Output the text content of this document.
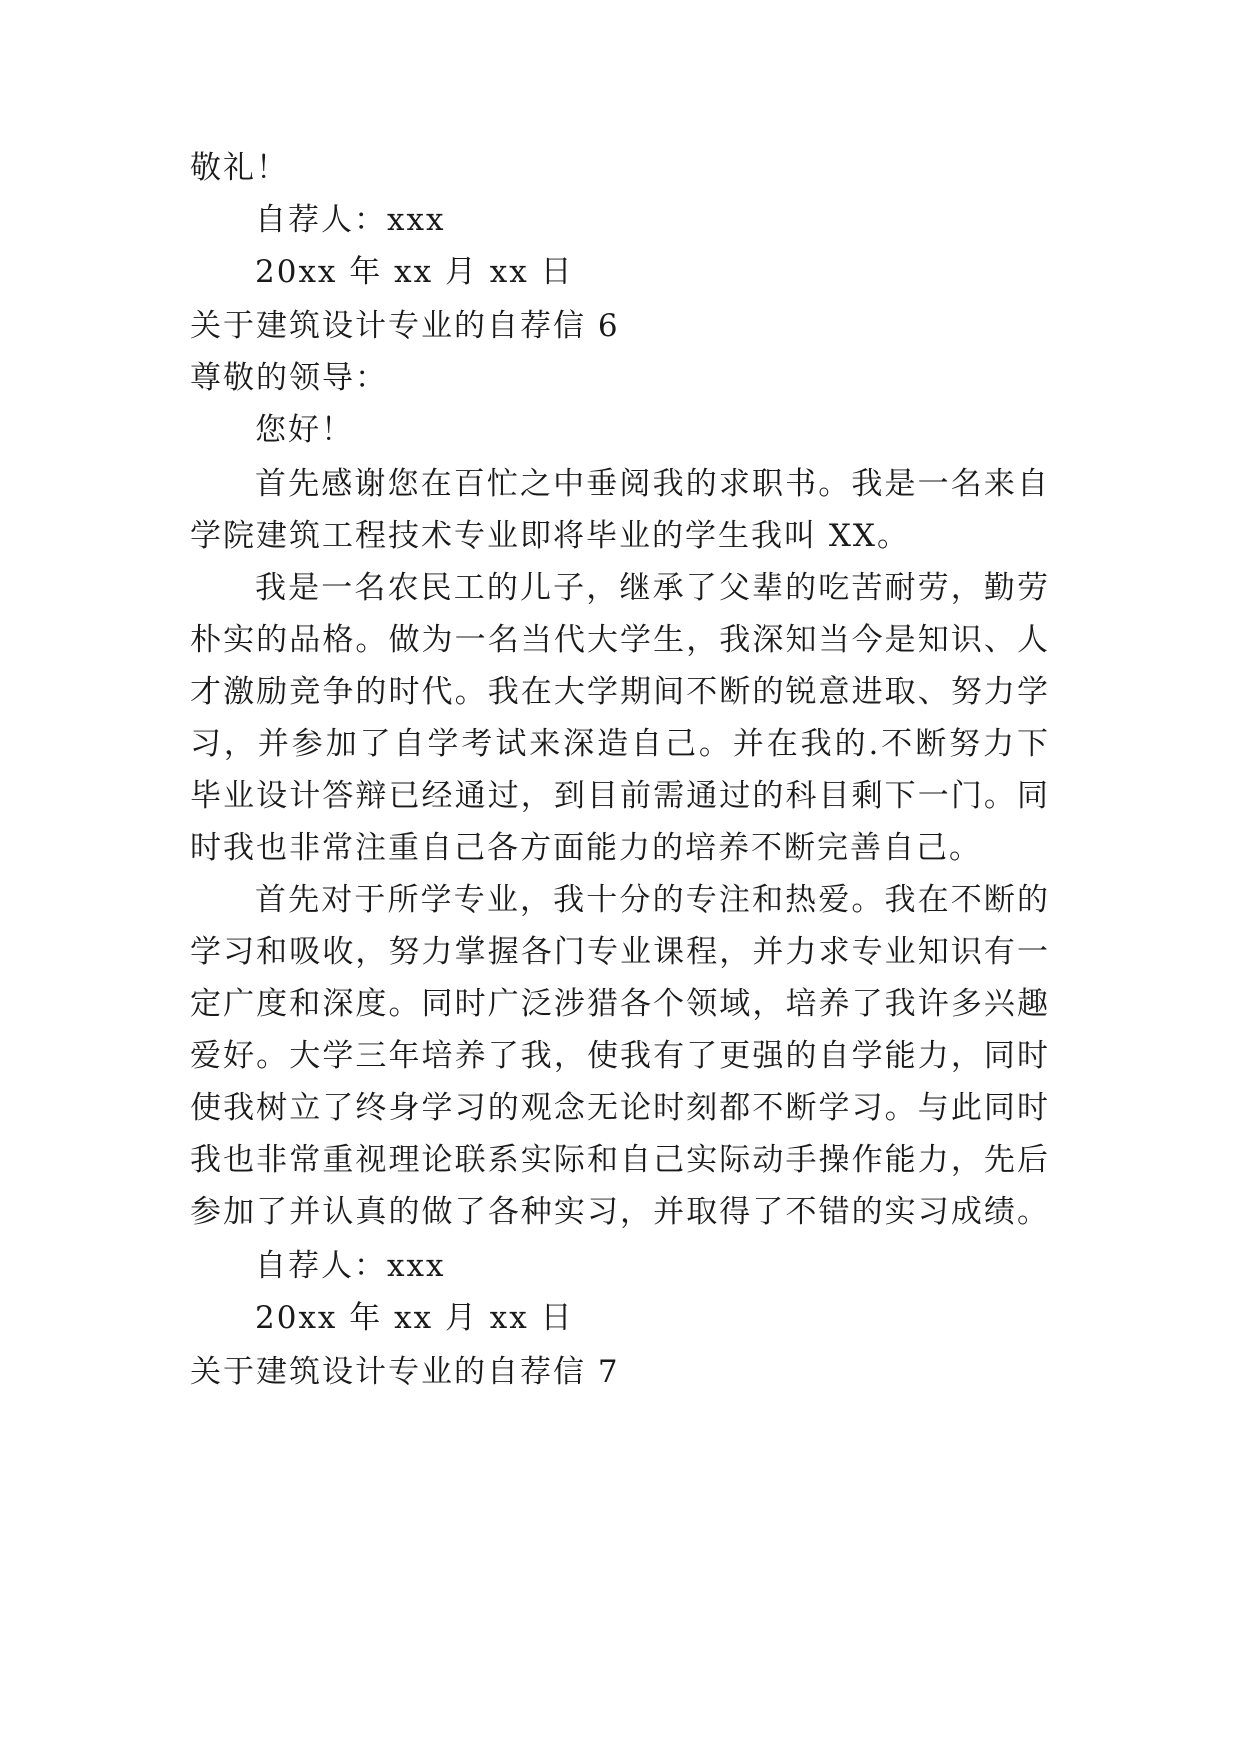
敬礼！
自荐人：xxx
20xx 年 xx 月 xx 日
关于建筑设计专业的自荐信 6
尊敬的领导：
您好！
首先感谢您在百忙之中垂阅我的求职书。我是一名来自
学院建筑工程技术专业即将毕业的学生我叫 XX。
我是一名农民工的儿子，继承了父辈的吃苦耐劳，勤劳
朴实的品格。做为一名当代大学生，我深知当今是知识、人
才激励竞争的时代。我在大学期间不断的锐意进取、努力学
习，并参加了自学考试来深造自己。并在我的.不断努力下
毕业设计答辩已经通过，到目前需通过的科目剩下一门。同
时我也非常注重自己各方面能力的培养不断完善自己。
首先对于所学专业，我十分的专注和热爱。我在不断的
学习和吸收，努力掌握各门专业课程，并力求专业知识有一
定广度和深度。同时广泛涉猎各个领域，培养了我许多兴趣
爱好。大学三年培养了我，使我有了更强的自学能力，同时
使我树立了终身学习的观念无论时刻都不断学习。与此同时
我也非常重视理论联系实际和自己实际动手操作能力，先后
参加了并认真的做了各种实习，并取得了不错的实习成绩。
自荐人：xxx
20xx 年 xx 月 xx 日
关于建筑设计专业的自荐信 7
